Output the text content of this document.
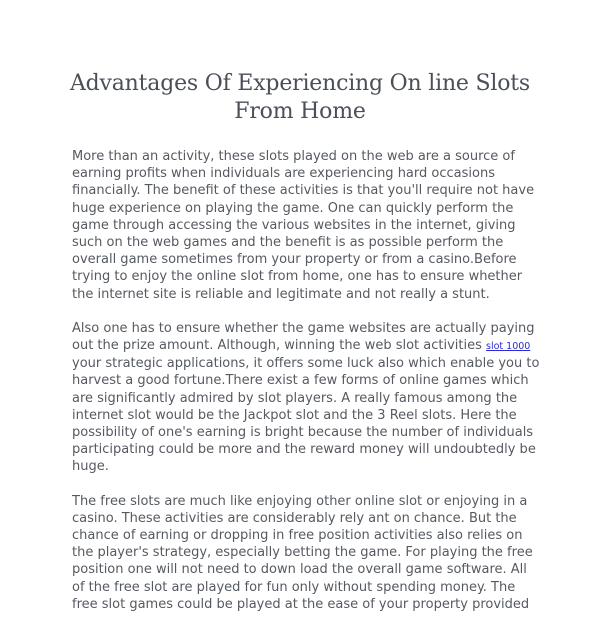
Advantages Of Experiencing On line Slots From Home

More than an activity, these slots played on the web are a source of earning profits when individuals are experiencing hard occasions financially. The benefit of these activities is that you'll require not have huge experience on playing the game. One can quickly perform the game through accessing the various websites in the internet, giving such on the web games and the benefit is as possible perform the overall game sometimes from your property or from a casino.Before trying to enjoy the online slot from home, one has to ensure whether the internet site is reliable and legitimate and not really a stunt.

Also one has to ensure whether the game websites are actually paying out the prize amount. Although, winning the web slot activities slot 1000 your strategic applications, it offers some luck also which enable you to harvest a good fortune.There exist a few forms of online games which are significantly admired by slot players. A really famous among the internet slot would be the Jackpot slot and the 3 Reel slots. Here the possibility of one's earning is bright because the number of individuals participating could be more and the reward money will undoubtedly be huge.

The free slots are much like enjoying other online slot or enjoying in a casino. These activities are considerably rely ant on chance. But the chance of earning or dropping in free position activities also relies on the player's strategy, especially betting the game. For playing the free position one will not need to down load the overall game software. All of the free slot are played for fun only without spending money. The free slot games could be played at the ease of your property provided
